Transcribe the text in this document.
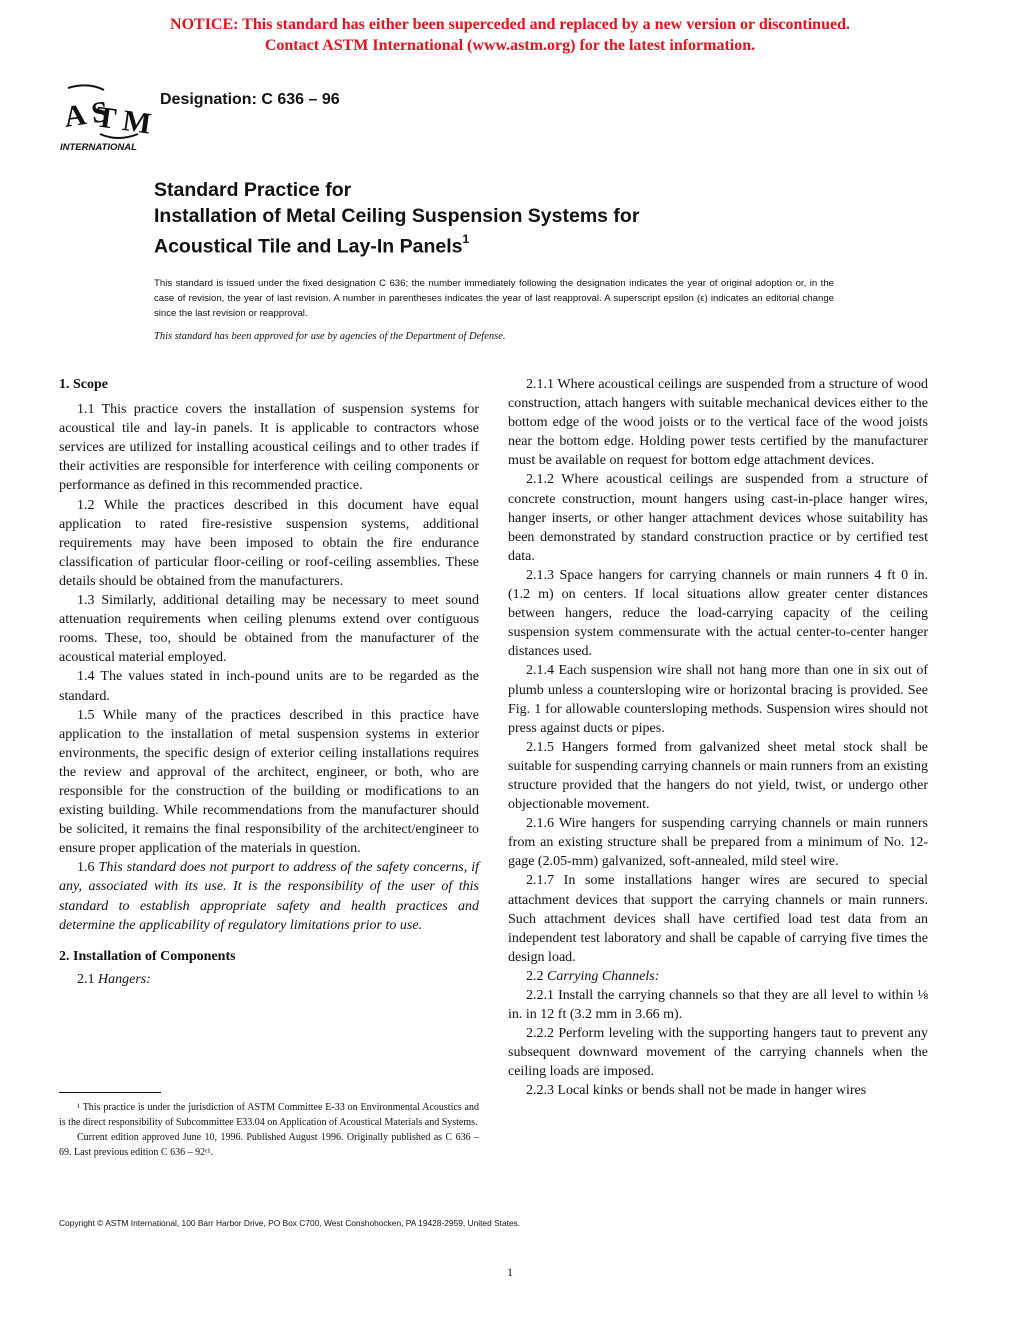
NOTICE: This standard has either been superceded and replaced by a new version or discontinued.
Contact ASTM International (www.astm.org) for the latest information.
A S
T M
INTERNATIONAL
Designation: C 636 – 96
Standard Practice for
Installation of Metal Ceiling Suspension Systems for
Acoustical Tile and Lay-In Panels$^1$
This standard is issued under the fixed designation C 636; the number immediately following the designation indicates the year of original adoption or, in the case of revision, the year of last revision. A number in parentheses indicates the year of last reapproval. A superscript epsilon (ε) indicates an editorial change since the last revision or reapproval.
This standard has been approved for use by agencies of the Department of Defense.
1. Scope

1.1 This practice covers the installation of suspension systems for acoustical tile and lay-in panels. It is applicable to contractors whose services are utilized for installing acoustical ceilings and to other trades if their activities are responsible for interference with ceiling components or performance as defined in this recommended practice.

1.2 While the practices described in this document have equal application to rated fire-resistive suspension systems, additional requirements may have been imposed to obtain the fire endurance classification of particular floor-ceiling or roof-ceiling assemblies. These details should be obtained from the manufacturers.

1.3 Similarly, additional detailing may be necessary to meet sound attenuation requirements when ceiling plenums extend over contiguous rooms. These, too, should be obtained from the manufacturer of the acoustical material employed.

1.4 The values stated in inch-pound units are to be regarded as the standard.

1.5 While many of the practices described in this practice have application to the installation of metal suspension systems in exterior environments, the specific design of exterior ceiling installations requires the review and approval of the architect, engineer, or both, who are responsible for the construction of the building or modifications to an existing building. While recommendations from the manufacturer should be solicited, it remains the final responsibility of the architect/engineer to ensure proper application of the materials in question.

1.6 This standard does not purport to address of the safety concerns, if any, associated with its use. It is the responsibility of the user of this standard to establish appropriate safety and health practices and determine the applicability of regulatory limitations prior to use.

2. Installation of Components

2.1 Hangers:

¹ This practice is under the jurisdiction of ASTM Committee E-33 on Environmental Acoustics and is the direct responsibility of Subcommittee E33.04 on Application of Acoustical Materials and Systems.

Current edition approved June 10, 1996. Published August 1996. Originally published as C 636 – 69. Last previous edition C 636 – 92ᵋ¹.

2.1.1 Where acoustical ceilings are suspended from a structure of wood construction, attach hangers with suitable mechanical devices either to the bottom edge of the wood joists or to the vertical face of the wood joists near the bottom edge. Holding power tests certified by the manufacturer must be available on request for bottom edge attachment devices.

2.1.2 Where acoustical ceilings are suspended from a structure of concrete construction, mount hangers using cast-in-place hanger wires, hanger inserts, or other hanger attachment devices whose suitability has been demonstrated by standard construction practice or by certified test data.

2.1.3 Space hangers for carrying channels or main runners 4 ft 0 in. (1.2 m) on centers. If local situations allow greater center distances between hangers, reduce the load-carrying capacity of the ceiling suspension system commensurate with the actual center-to-center hanger distances used.

2.1.4 Each suspension wire shall not hang more than one in six out of plumb unless a countersloping wire or horizontal bracing is provided. See Fig. 1 for allowable countersloping methods. Suspension wires should not press against ducts or pipes.

2.1.5 Hangers formed from galvanized sheet metal stock shall be suitable for suspending carrying channels or main runners from an existing structure provided that the hangers do not yield, twist, or undergo other objectionable movement.

2.1.6 Wire hangers for suspending carrying channels or main runners from an existing structure shall be prepared from a minimum of No. 12-gage (2.05-mm) galvanized, soft-annealed, mild steel wire.

2.1.7 In some installations hanger wires are secured to special attachment devices that support the carrying channels or main runners. Such attachment devices shall have certified load test data from an independent test laboratory and shall be capable of carrying five times the design load.

2.2 Carrying Channels:

2.2.1 Install the carrying channels so that they are all level to within ⅛ in. in 12 ft (3.2 mm in 3.66 m).

2.2.2 Perform leveling with the supporting hangers taut to prevent any subsequent downward movement of the carrying channels when the ceiling loads are imposed.

2.2.3 Local kinks or bends shall not be made in hanger wires

Copyright © ASTM International, 100 Barr Harbor Drive, PO Box C700, West Conshohocken, PA 19428-2959, United States.
1
